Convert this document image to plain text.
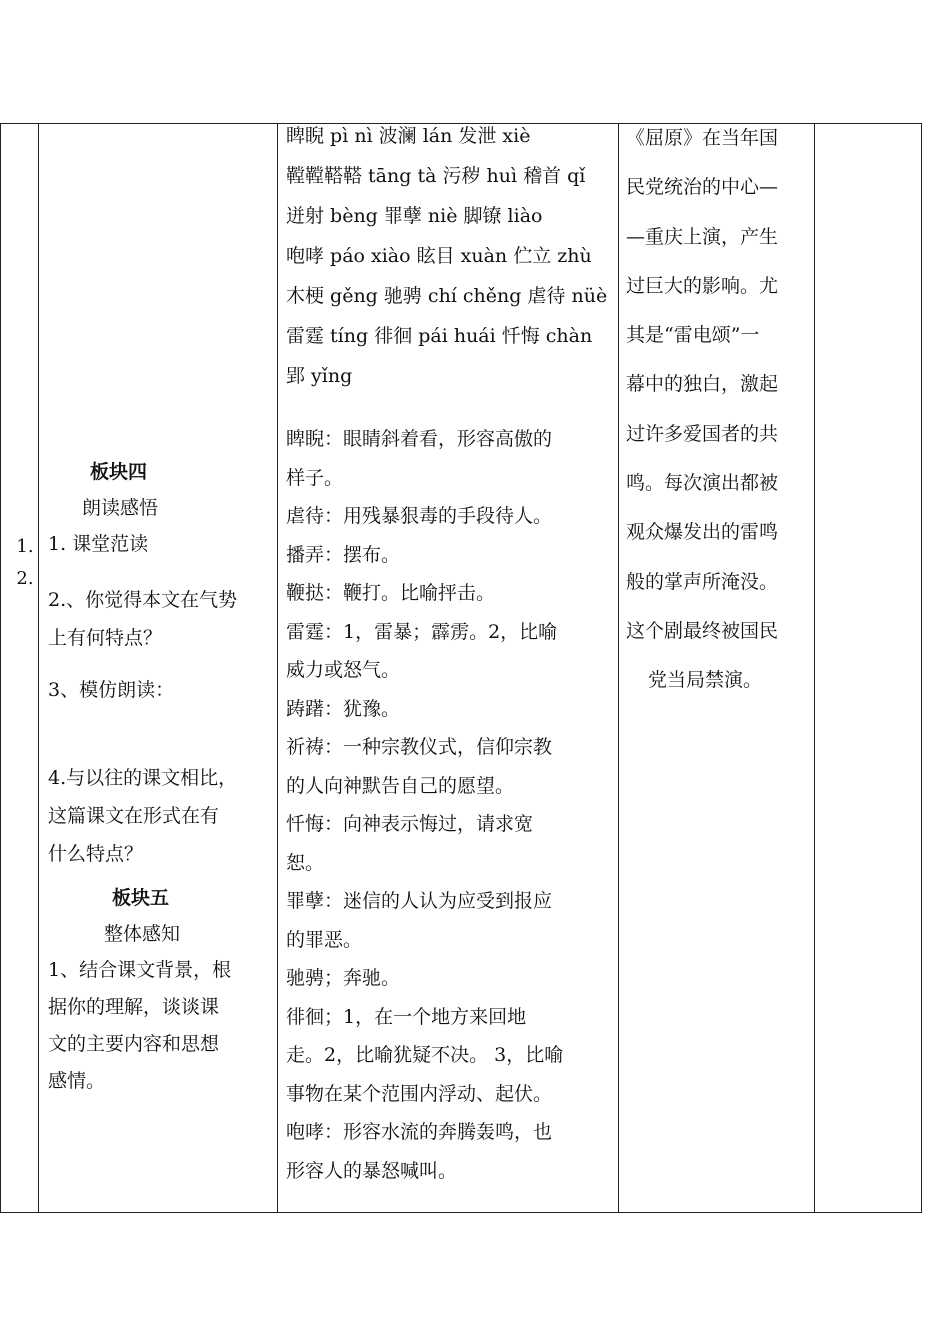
1.
2.
板块四
朗读感悟
1. 课堂范读
2.、你觉得本文在气势
上有何特点？
3、模仿朗读：
4.与以往的课文相比，
这篇课文在形式在有
什么特点？
板块五
整体感知
1、结合课文背景，根
据你的理解，谈谈课
文的主要内容和思想
感情。
睥睨 pì nì 波澜 lán 发泄 xiè
鞺鞺鞳鞳 tāng tà 污秽 huì 稽首 qǐ
迸射 bèng 罪孽 niè 脚镣 liào
咆哮 páo xiào 眩目 xuàn 伫立 zhù
木梗 gěng 驰骋 chí chěng 虐待 nüè
雷霆 tíng 徘徊 pái huái 忏悔 chàn
郢 yǐng
睥睨：眼睛斜着看，形容高傲的
样子。
虐待：用残暴狠毒的手段待人。
播弄：摆布。
鞭挞：鞭打。比喻抨击。
雷霆：1，雷暴；霹雳。2，比喻
威力或怒气。
踌躇：犹豫。
祈祷：一种宗教仪式，信仰宗教
的人向神默告自己的愿望。
忏悔：向神表示悔过，请求宽
恕。
罪孽：迷信的人认为应受到报应
的罪恶。
驰骋；奔驰。
徘徊；1，在一个地方来回地
走。2，比喻犹疑不决。 3，比喻
事物在某个范围内浮动、起伏。
咆哮：形容水流的奔腾轰鸣，也
形容人的暴怒喊叫。
《屈原》在当年国
民党统治的中心—
—重庆上演，产生
过巨大的影响。尤
其是“雷电颂”一
幕中的独白，激起
过许多爱国者的共
鸣。每次演出都被
观众爆发出的雷鸣
般的掌声所淹没。
这个剧最终被国民
党当局禁演。
